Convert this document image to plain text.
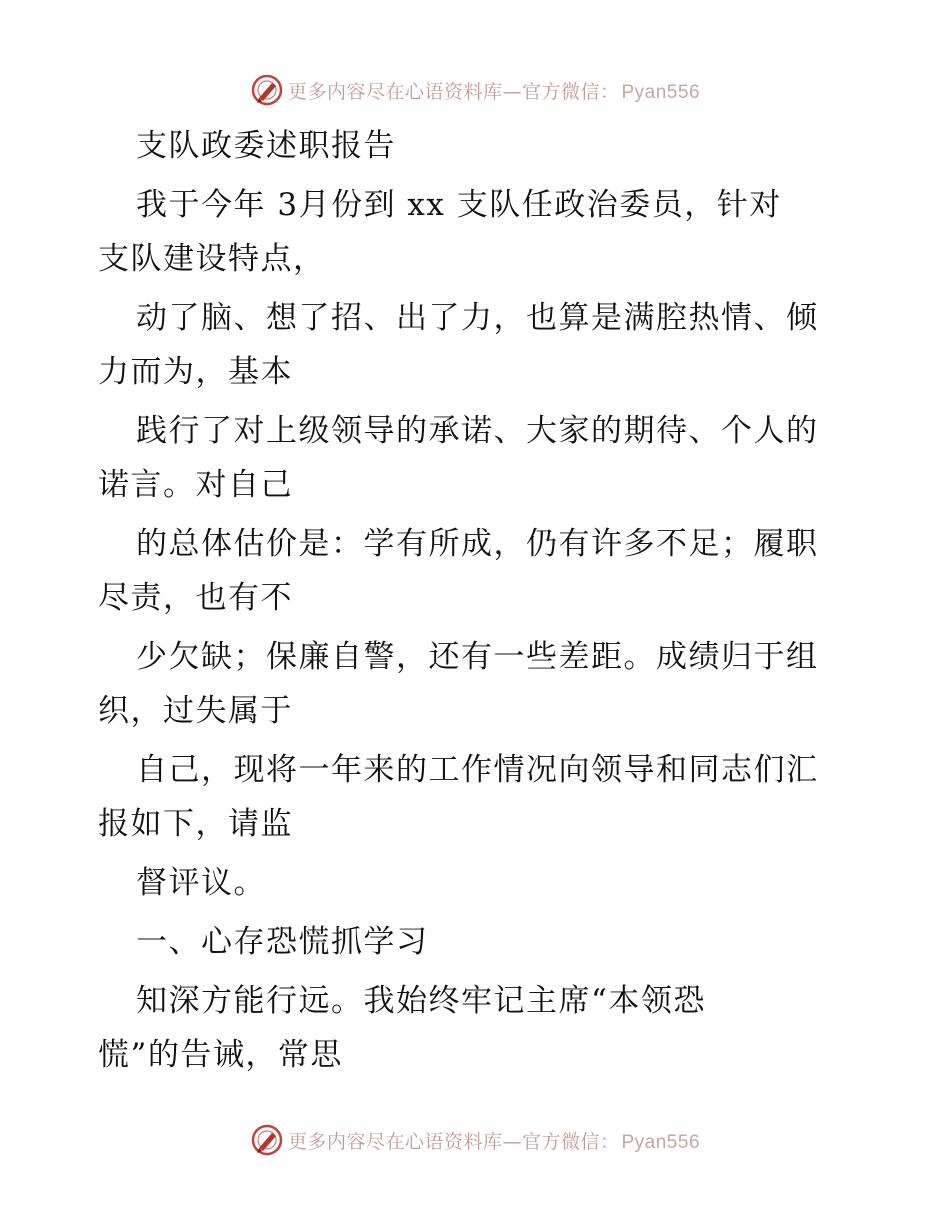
更多内容尽在心语资料库—官方微信： Pyan556
支队政委述职报告
我于今年 3月份到 xx 支队任政治委员，针对
支队建设特点，
动了脑、想了招、出了力，也算是满腔热情、倾
力而为，基本
践行了对上级领导的承诺、大家的期待、个人的
诺言。对自己
的总体估价是：学有所成，仍有许多不足；履职
尽责，也有不
少欠缺；保廉自警，还有一些差距。成绩归于组
织，过失属于
自己，现将一年来的工作情况向领导和同志们汇
报如下，请监
督评议。
一、心存恐慌抓学习
知深方能行远。我始终牢记主席“本领恐
慌”的告诫，常思
更多内容尽在心语资料库—官方微信： Pyan556
